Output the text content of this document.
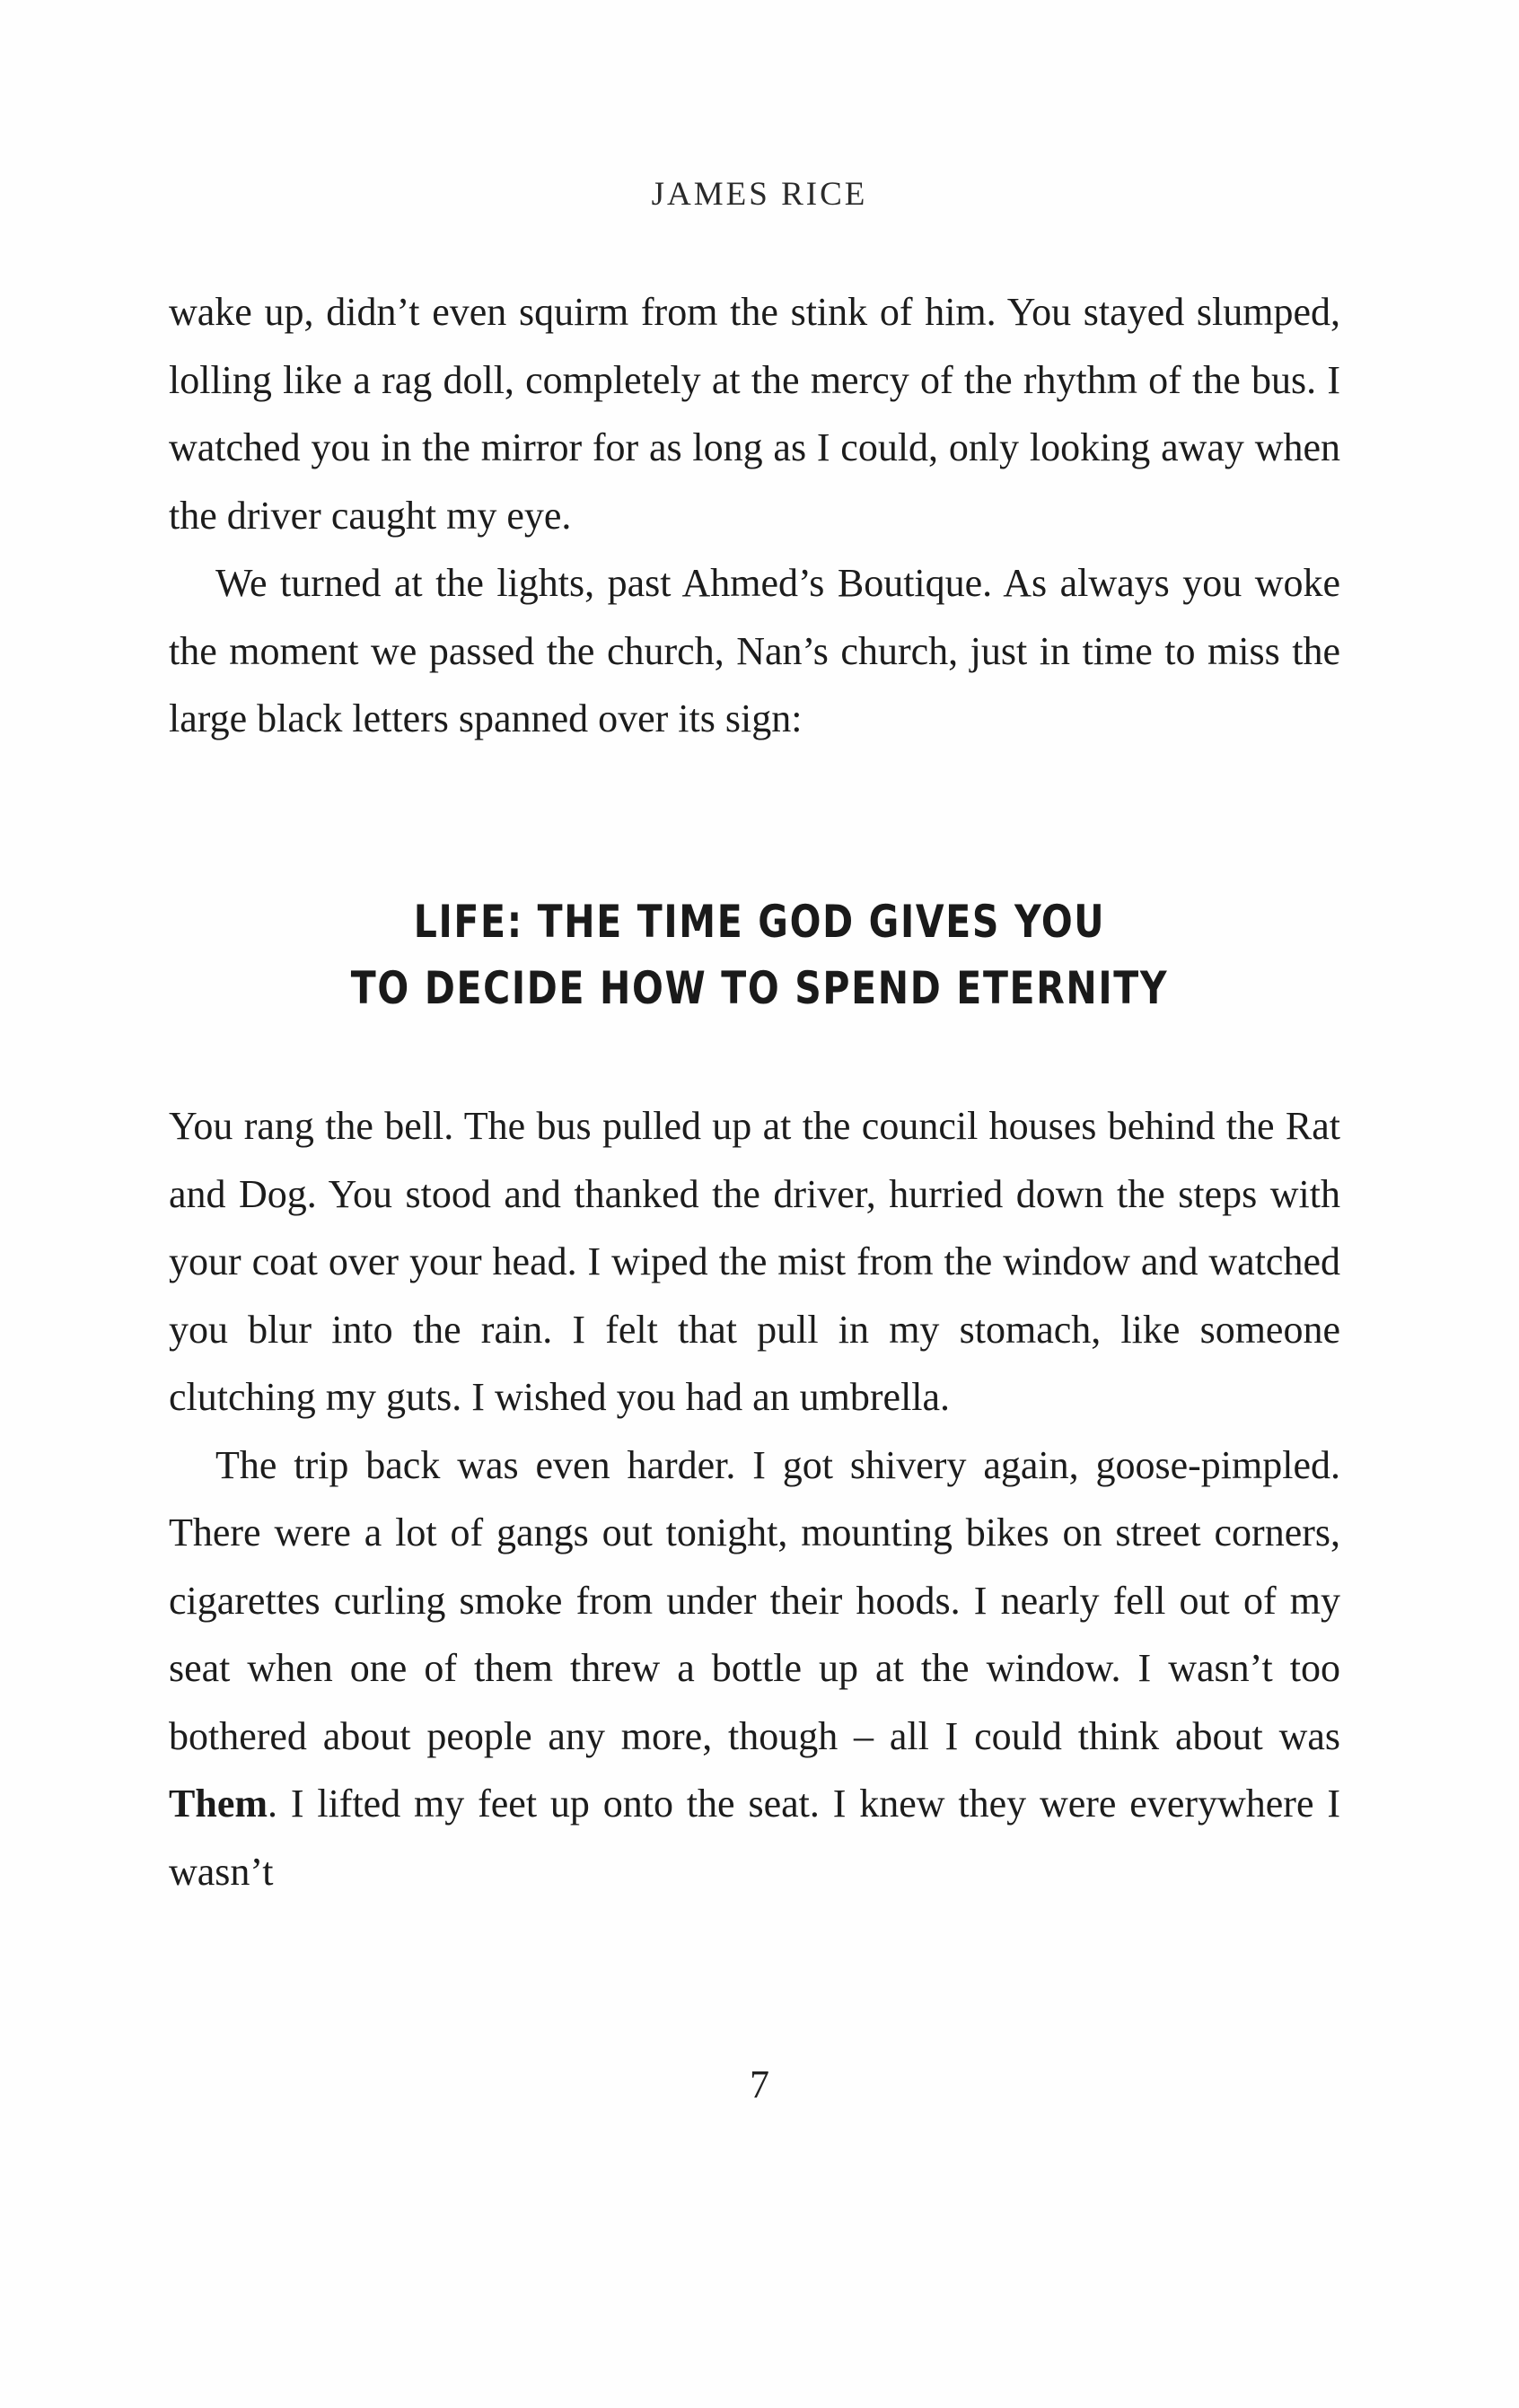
JAMES RICE

wake up, didn’t even squirm from the stink of him. You stayed slumped, lolling like a rag doll, completely at the mercy of the rhythm of the bus. I watched you in the mirror for as long as I could, only looking away when the driver caught my eye.

We turned at the lights, past Ahmed’s Boutique. As always you woke the moment we passed the church, Nan’s church, just in time to miss the large black letters spanned over its sign:

LIFE: THE TIME GOD GIVES YOU
TO DECIDE HOW TO SPEND ETERNITY

You rang the bell. The bus pulled up at the council houses behind the Rat and Dog. You stood and thanked the driver, hurried down the steps with your coat over your head. I wiped the mist from the window and watched you blur into the rain. I felt that pull in my stomach, like someone clutching my guts. I wished you had an umbrella.

The trip back was even harder. I got shivery again, goose-pimpled. There were a lot of gangs out tonight, mounting bikes on street corners, cigarettes curling smoke from under their hoods. I nearly fell out of my seat when one of them threw a bottle up at the window. I wasn’t too bothered about people any more, though – all I could think about was Them. I lifted my feet up onto the seat. I knew they were everywhere I wasn’t

7
